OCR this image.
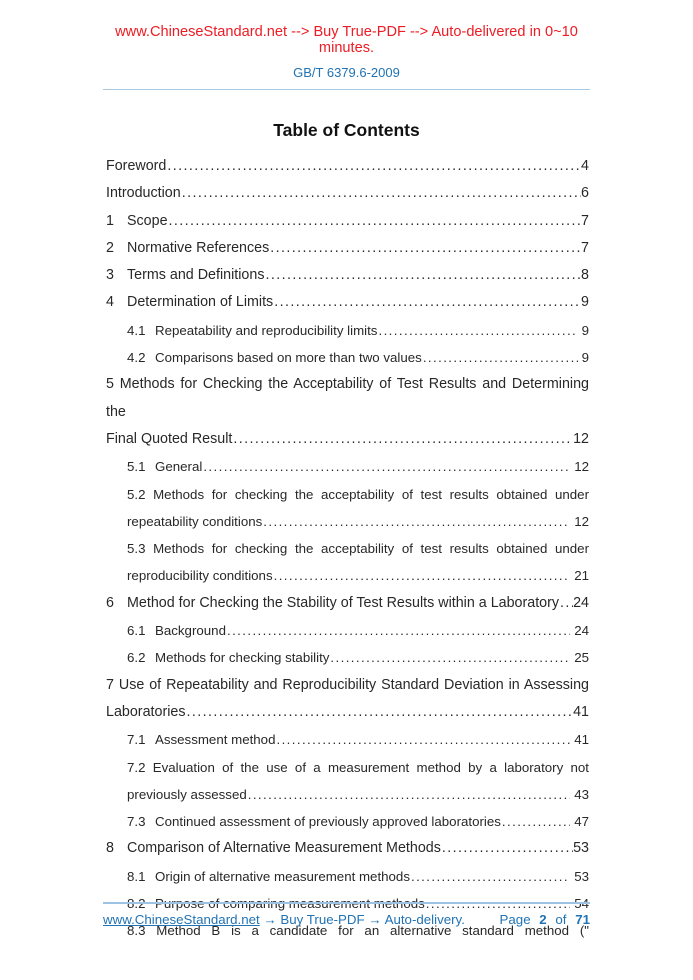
www.ChineseStandard.net --> Buy True-PDF --> Auto-delivered in 0~10 minutes.
GB/T 6379.6-2009
Table of Contents
Foreword .....	4
Introduction .....	6
1 Scope .....	7
2 Normative References .....	7
3 Terms and Definitions .....	8
4 Determination of Limits .....	9
4.1 Repeatability and reproducibility limits .....	9
4.2 Comparisons based on more than two values .....	9
5 Methods for Checking the Acceptability of Test Results and Determining the
Final Quoted Result .....	12
5.1 General .....	12
5.2 Methods for checking the acceptability of test results obtained under
repeatability conditions .....	12
5.3 Methods for checking the acceptability of test results obtained under
reproducibility conditions .....	21
6 Method for Checking the Stability of Test Results within a Laboratory ..... 24
6.1 Background .....	24
6.2 Methods for checking stability .....	25
7 Use of Repeatability and Reproducibility Standard Deviation in Assessing
Laboratories .....	41
7.1 Assessment method .....	41
7.2 Evaluation of the use of a measurement method by a laboratory not
previously assessed .....	43
7.3 Continued assessment of previously approved laboratories .....	47
8 Comparison of Alternative Measurement Methods .....	53
8.1 Origin of alternative measurement methods .....	53
8.2 Purpose of comparing measurement methods .....	54
8.3 Method B is a candidate for an alternative standard method ("
www.ChineseStandard.net → Buy True-PDF → Auto-delivery.	Page 2 of 71
